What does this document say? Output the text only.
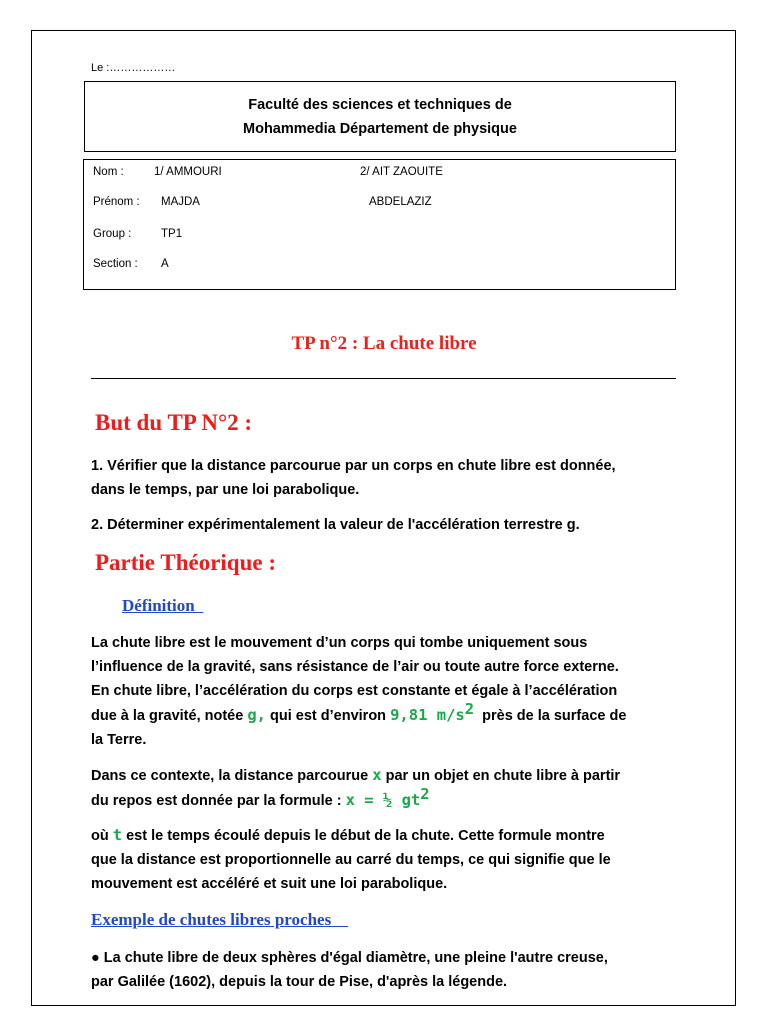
Le :………………
Faculté des sciences et techniques de
Mohammedia Département de physique
Nom :	1/ AMMOURI	2/ AIT ZAOUITE
Prénom : MAJDA	ABDELAZIZ
Group :	TP1
Section : A
TP n°2 : La chute libre
But du TP N°2 :
1. Vérifier que la distance parcourue par un corps en chute libre est donnée,
dans le temps, par une loi parabolique.
2. Déterminer expérimentalement la valeur de l'accélération terrestre g.
Partie Théorique :
Définition
La chute libre est le mouvement d’un corps qui tombe uniquement sous
l’influence de la gravité, sans résistance de l’air ou toute autre force externe.
En chute libre, l’accélération du corps est constante et égale à l’accélération
due à la gravité, notée g, qui est d’environ 9,81 $m/s^2$  près de la surface de
la Terre.
Dans ce contexte, la distance parcourue x par un objet en chute libre à partir
du repos est donnée par la formule : x = ½ $gt^2$
où t est le temps écoulé depuis le début de la chute. Cette formule montre
que la distance est proportionnelle au carré du temps, ce qui signifie que le
mouvement est accéléré et suit une loi parabolique.
Exemple de chutes libres proches
● La chute libre de deux sphères d'égal diamètre, une pleine l'autre creuse,
par Galilée (1602), depuis la tour de Pise, d'après la légende.
